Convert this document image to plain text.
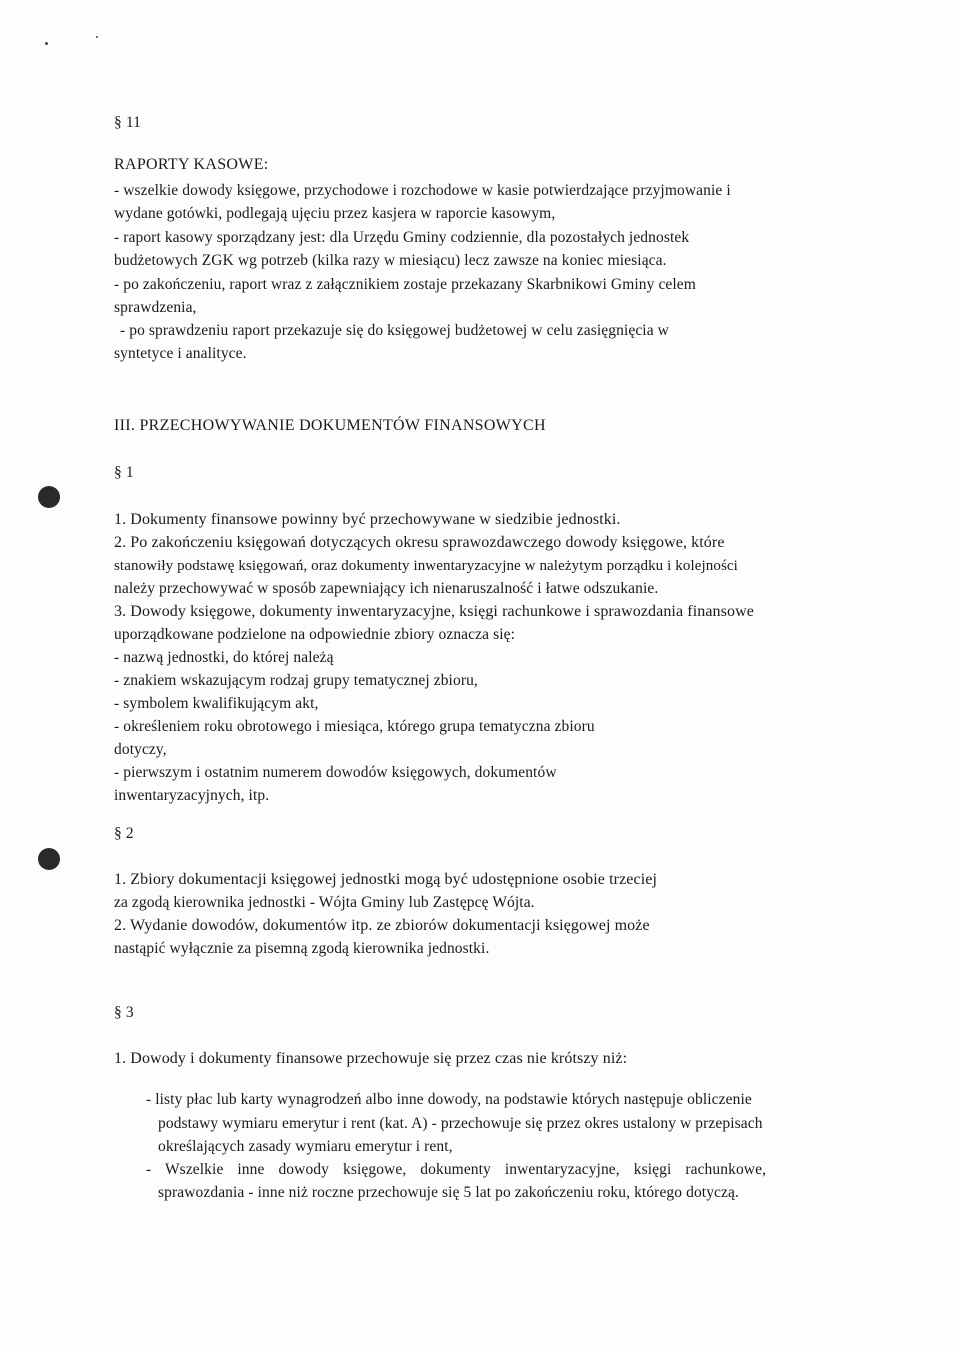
§ 11
RAPORTY KASOWE:
- wszelkie dowody księgowe, przychodowe i rozchodowe w kasie potwierdzające przyjmowanie i
wydane gotówki, podlegają ujęciu przez kasjera w raporcie kasowym,
- raport kasowy sporządzany jest: dla Urzędu Gminy codziennie, dla pozostałych jednostek
budżetowych ZGK wg potrzeb (kilka razy w miesiącu) lecz zawsze na koniec miesiąca.
- po zakończeniu, raport wraz z załącznikiem zostaje przekazany Skarbnikowi Gminy celem
sprawdzenia,
- po sprawdzeniu raport przekazuje się do księgowej budżetowej w celu zasięgnięcia w
syntetyce i analityce.
III. PRZECHOWYWANIE DOKUMENTÓW FINANSOWYCH
§ 1
1. Dokumenty finansowe powinny być przechowywane w siedzibie jednostki.
2. Po zakończeniu księgowań dotyczących okresu sprawozdawczego dowody księgowe, które
stanowiły podstawę księgowań, oraz dokumenty inwentaryzacyjne w należytym porządku i kolejności
należy przechowywać w sposób zapewniający ich nienaruszalność i łatwe odszukanie.
3. Dowody księgowe, dokumenty inwentaryzacyjne, księgi rachunkowe i sprawozdania finansowe
uporządkowane podzielone na odpowiednie zbiory oznacza się:
- nazwą jednostki, do której należą
- znakiem wskazującym rodzaj grupy tematycznej zbioru,
- symbolem kwalifikującym akt,
- określeniem roku obrotowego i miesiąca, którego grupa tematyczna zbioru
dotyczy,
- pierwszym i ostatnim numerem dowodów księgowych, dokumentów
inwentaryzacyjnych, itp.
§ 2
1. Zbiory dokumentacji księgowej jednostki mogą być udostępnione osobie trzeciej
za zgodą kierownika jednostki - Wójta Gminy lub Zastępcę Wójta.
2. Wydanie dowodów, dokumentów itp. ze zbiorów dokumentacji księgowej może
nastąpić wyłącznie za pisemną zgodą kierownika jednostki.
§ 3
1. Dowody i dokumenty finansowe przechowuje się przez czas nie krótszy niż:
- listy płac lub karty wynagrodzeń albo inne dowody, na podstawie których następuje obliczenie
podstawy wymiaru emerytur i rent (kat. A) - przechowuje się przez okres ustalony w przepisach
określających zasady wymiaru emerytur i rent,
- Wszelkie inne dowody księgowe, dokumenty inwentaryzacyjne, księgi rachunkowe,
sprawozdania - inne niż roczne przechowuje się 5 lat po zakończeniu roku, którego dotyczą.
